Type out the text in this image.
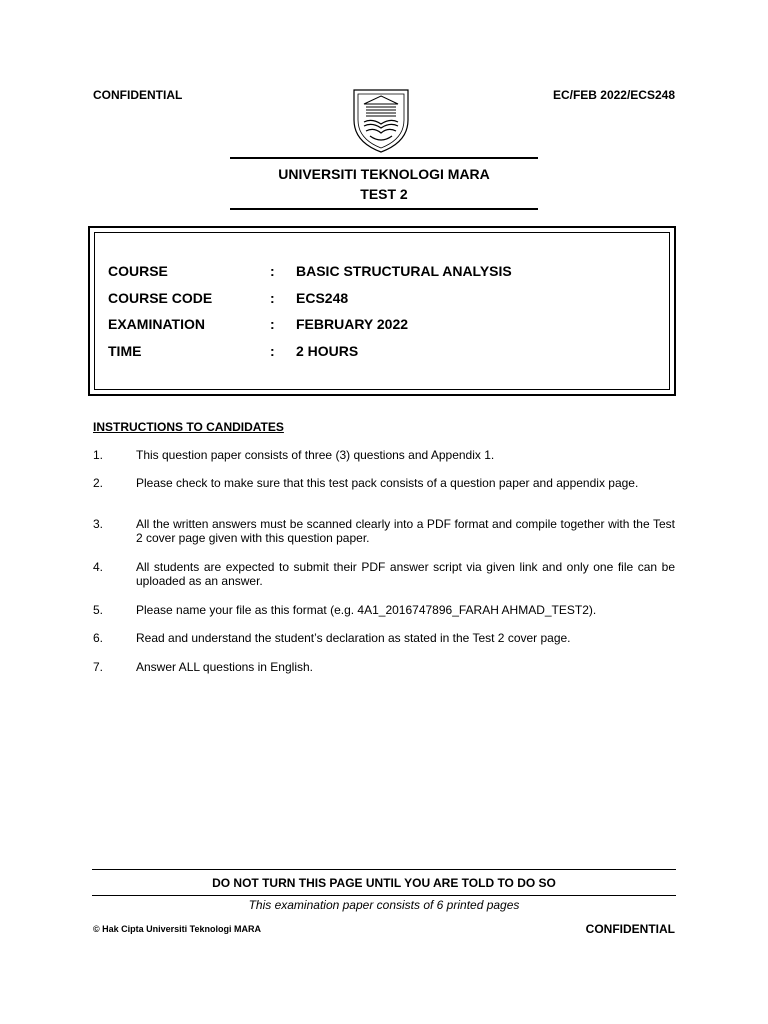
CONFIDENTIAL	EC/FEB 2022/ECS248
UNIVERSITI TEKNOLOGI MARA
TEST 2
COURSE	: BASIC STRUCTURAL ANALYSIS
COURSE CODE	: ECS248
EXAMINATION	: FEBRUARY 2022
TIME	: 2 HOURS
INSTRUCTIONS TO CANDIDATES
1.	This question paper consists of three (3) questions and Appendix 1.
2.	Please check to make sure that this test pack consists of a question paper and appendix page.
3.	All the written answers must be scanned clearly into a PDF format and compile together with the Test 2 cover page given with this question paper.
4.	All students are expected to submit their PDF answer script via given link and only one file can be uploaded as an answer.
5.	Please name your file as this format (e.g. 4A1_2016747896_FARAH AHMAD_TEST2).
6.	Read and understand the student’s declaration as stated in the Test 2 cover page.
7.	Answer ALL questions in English.
DO NOT TURN THIS PAGE UNTIL YOU ARE TOLD TO DO SO
This examination paper consists of 6 printed pages
© Hak Cipta Universiti Teknologi MARA	CONFIDENTIAL
